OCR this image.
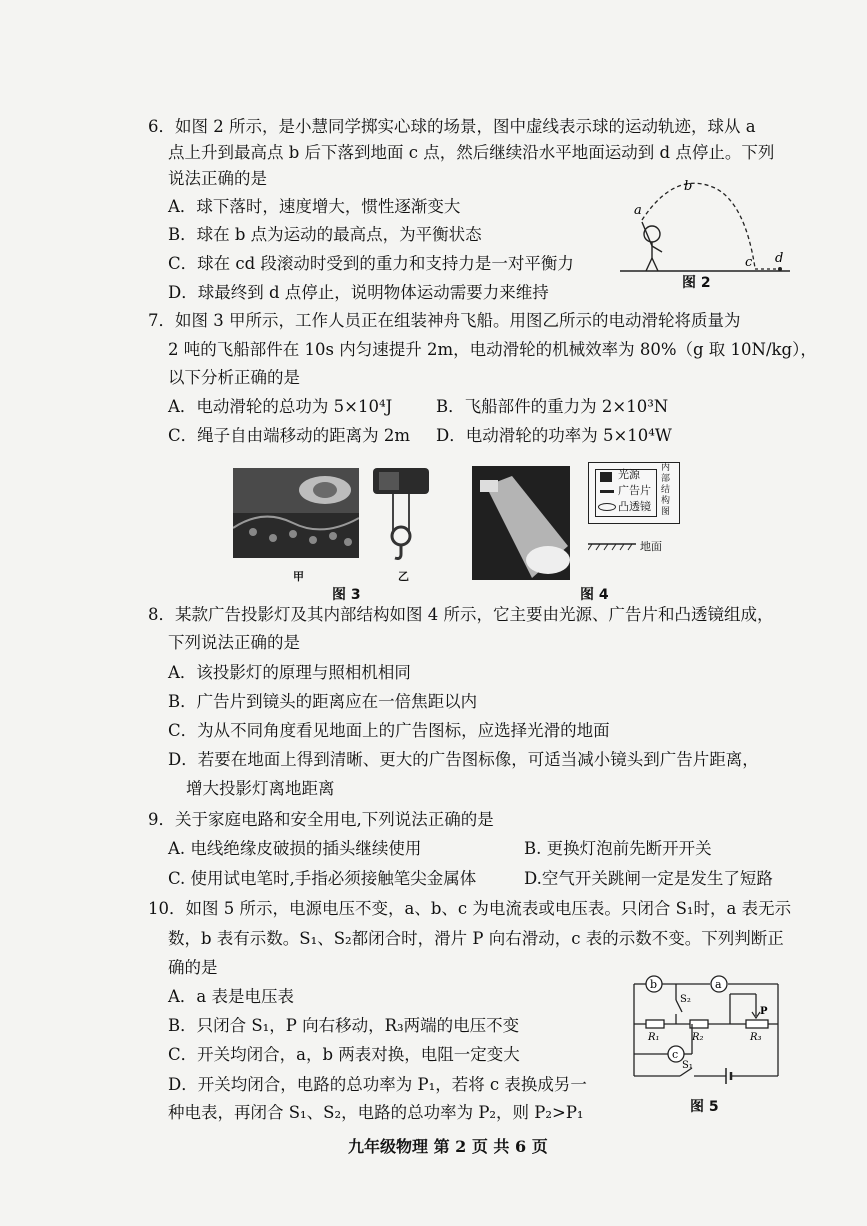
6．如图 2 所示，是小慧同学掷实心球的场景，图中虚线表示球的运动轨迹，球从 a
点上升到最高点 b 后下落到地面 c 点，然后继续沿水平地面运动到 d 点停止。下列
说法正确的是
A．球下落时，速度增大，惯性逐渐变大
B．球在 b 点为运动的最高点，为平衡状态
C．球在 cd 段滚动时受到的重力和支持力是一对平衡力
D．球最终到 d 点停止，说明物体运动需要力来维持
a
b
c d
图 2
7．如图 3 甲所示，工作人员正在组装神舟飞船。用图乙所示的电动滑轮将质量为
2 吨的飞船部件在 10s 内匀速提升 2m，电动滑轮的机械效率为 80%（g 取 10N/kg），
以下分析正确的是
A．电动滑轮的总功为 5×10⁴J	B．飞船部件的重力为 2×10³N
C．绳子自由端移动的距离为 2m D．电动滑轮的功率为 5×10⁴W
甲	乙
图 3
光源
广告片
凸透镜
内部结构图
地面
图 4
8．某款广告投影灯及其内部结构如图 4 所示，它主要由光源、广告片和凸透镜组成，
下列说法正确的是
A．该投影灯的原理与照相机相同
B．广告片到镜头的距离应在一倍焦距以内
C．为从不同角度看见地面上的广告图标，应选择光滑的地面
D．若要在地面上得到清晰、更大的广告图标像，可适当减小镜头到广告片距离，
增大投影灯离地距离
9．关于家庭电路和安全用电,下列说法正确的是
A. 电线绝缘皮破损的插头继续使用	B. 更换灯泡前先断开开关
C. 使用试电笔时,手指必须接触笔尖金属体	D.空气开关跳闸一定是发生了短路
10．如图 5 所示，电源电压不变，a、b、c 为电流表或电压表。只闭合 S₁时，a 表无示
数，b 表有示数。S₁、S₂都闭合时，滑片 P 向右滑动，c 表的示数不变。下列判断正
确的是
A．a 表是电压表
B．只闭合 S₁，P 向右移动，R₃两端的电压不变
C．开关均闭合，a，b 两表对换，电阻一定变大
D．开关均闭合，电路的总功率为 P₁，若将 c 表换成另一
种电表，再闭合 S₁、S₂，电路的总功率为 P₂，则 P₂>P₁
b	a
S₂
R₁	R₂	R₃
P
c
S₁
图 5
九年级物理 第 2 页 共 6 页
